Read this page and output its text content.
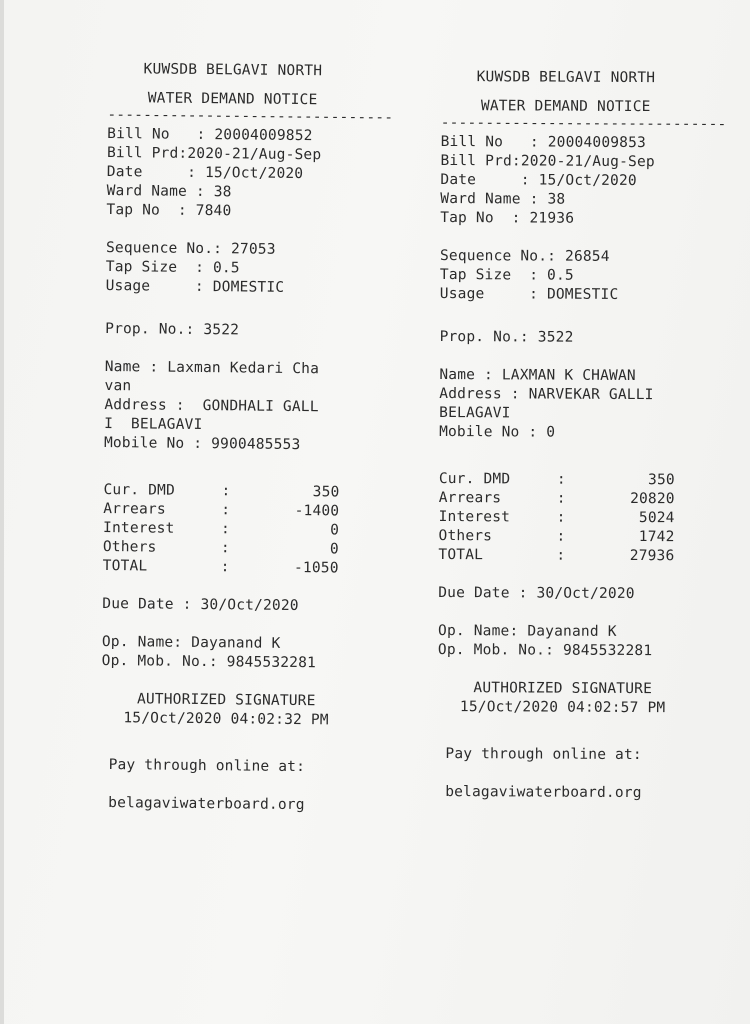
KUWSDB BELGAVI NORTH
WATER DEMAND NOTICE
--------------------------------
Bill No   : 20004009852
Bill Prd:2020-21/Aug-Sep
Date     : 15/Oct/2020
Ward Name : 38
Tap No  : 7840
Sequence No.: 27053
Tap Size  : 0.5
Usage     : DOMESTIC
Prop. No.: 3522
Name : Laxman Kedari Cha
van
Address :  GONDHALI GALL
I  BELAGAVI
Mobile No : 9900485553
Cur. DMD	:	350
Arrears	:	-1400
Interest	:	0
Others	:	0
TOTAL	:	-1050
Due Date : 30/Oct/2020
Op. Name: Dayanand K
Op. Mob. No.: 9845532281
AUTHORIZED SIGNATURE
15/Oct/2020 04:02:32 PM
Pay through online at:
belagaviwaterboard.org
KUWSDB BELGAVI NORTH
WATER DEMAND NOTICE
--------------------------------
Bill No   : 20004009853
Bill Prd:2020-21/Aug-Sep
Date     : 15/Oct/2020
Ward Name : 38
Tap No  : 21936
Sequence No.: 26854
Tap Size  : 0.5
Usage     : DOMESTIC
Prop. No.: 3522
Name : LAXMAN K CHAWAN
Address : NARVEKAR GALLI
BELAGAVI
Mobile No : 0
Cur. DMD	:	350
Arrears	:	20820
Interest	:	5024
Others	:	1742
TOTAL	:	27936
Due Date : 30/Oct/2020
Op. Name: Dayanand K
Op. Mob. No.: 9845532281
AUTHORIZED SIGNATURE
15/Oct/2020 04:02:57 PM
Pay through online at:
belagaviwaterboard.org
